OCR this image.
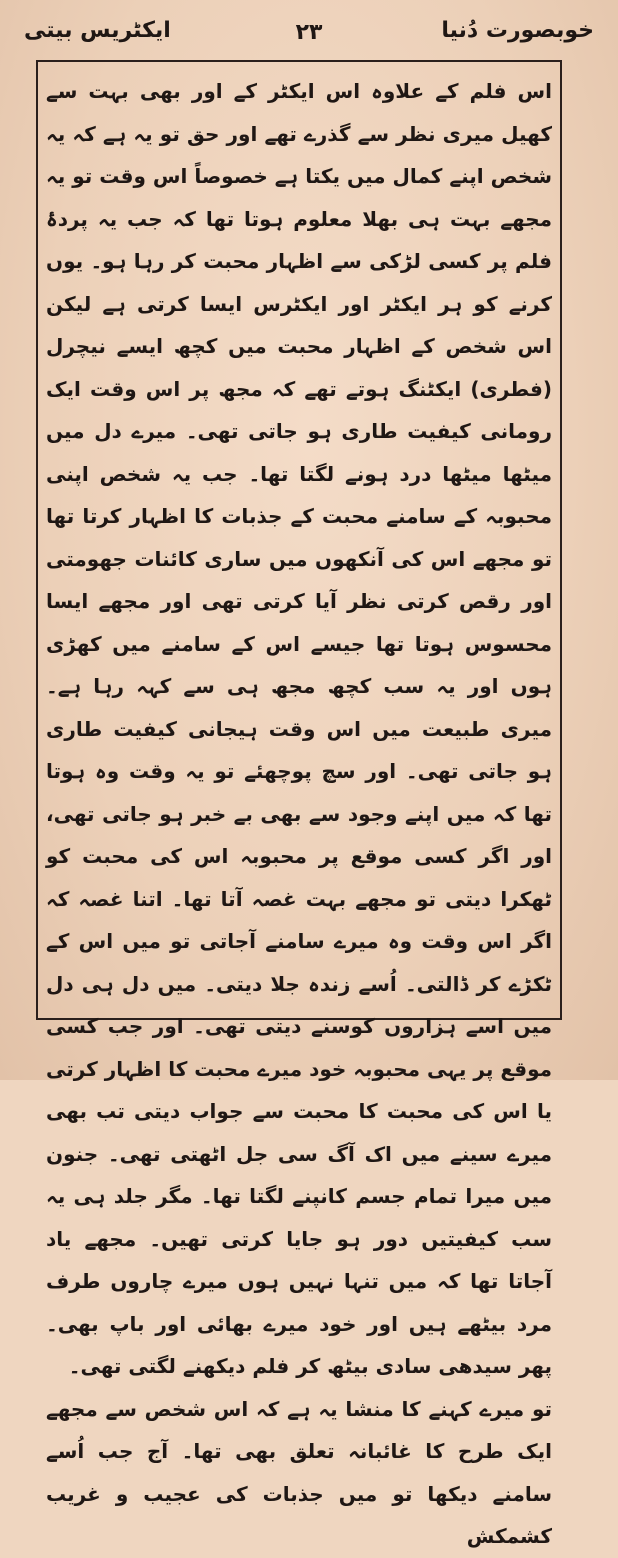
خوبصورت دُنیا
۲۳
ایکٹریس بیتی

اس فلم کے علاوہ اس ایکٹر کے اور بھی بہت سے کھیل میری نظر سے گذرے تھے اور حق تو یہ ہے کہ یہ شخص اپنے کمال میں یکتا ہے خصوصاً اس وقت تو یہ مجھے بہت ہی بھلا معلوم ہوتا تھا کہ جب یہ پردۂ فلم پر کسی لڑکی سے اظہار محبت کر رہا ہو۔ یوں کرنے کو ہر ایکٹر اور ایکٹرس ایسا کرتی ہے لیکن اس شخص کے اظہار محبت میں کچھ ایسے نیچرل (فطری) ایکٹنگ ہوتے تھے کہ مجھ پر اس وقت ایک رومانی کیفیت طاری ہو جاتی تھی۔ میرے دل میں میٹھا میٹھا درد ہونے لگتا تھا۔ جب یہ شخص اپنی محبوبہ کے سامنے محبت کے جذبات کا اظہار کرتا تھا تو مجھے اس کی آنکھوں میں ساری کائنات جھومتی اور رقص کرتی نظر آیا کرتی تھی اور مجھے ایسا محسوس ہوتا تھا جیسے اس کے سامنے میں کھڑی ہوں اور یہ سب کچھ مجھ ہی سے کہہ رہا ہے۔ میری طبیعت میں اس وقت ہیجانی کیفیت طاری ہو جاتی تھی۔ اور سچ پوچھئے تو یہ وقت وہ ہوتا تھا کہ میں اپنے وجود سے بھی بے خبر ہو جاتی تھی، اور اگر کسی موقع پر محبوبہ اس کی محبت کو ٹھکرا دیتی تو مجھے بہت غصہ آتا تھا۔ اتنا غصہ کہ اگر اس وقت وہ میرے سامنے آجاتی تو میں اس کے ٹکڑے کر ڈالتی۔ اُسے زندہ جلا دیتی۔ میں دل ہی دل میں اسے ہزاروں کوسنے دیتی تھی۔ اور جب کسی موقع پر یہی محبوبہ خود میرے محبت کا اظہار کرتی یا اس کی محبت کا محبت سے جواب دیتی تب بھی میرے سینے میں اک آگ سی جل اٹھتی تھی۔ جنون میں میرا تمام جسم کانپنے لگتا تھا۔ مگر جلد ہی یہ سب کیفیتیں دور ہو جایا کرتی تھیں۔ مجھے یاد آجاتا تھا کہ میں تنہا نہیں ہوں میرے چاروں طرف مرد بیٹھے ہیں اور خود میرے بھائی اور باپ بھی۔ پھر سیدھی سادی بیٹھ کر فلم دیکھنے لگتی تھی۔

تو میرے کہنے کا منشا یہ ہے کہ اس شخص سے مجھے ایک طرح کا غائبانہ تعلق بھی تھا۔ آج جب اُسے سامنے دیکھا تو میں جذبات کی عجیب و غریب کشمکش
